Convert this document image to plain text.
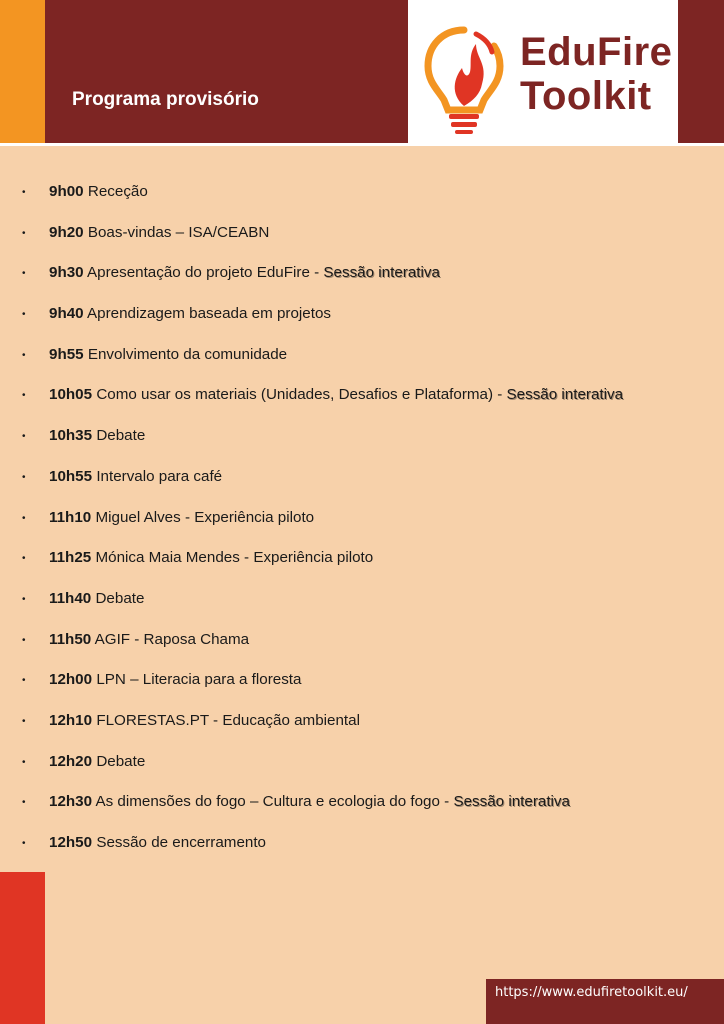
Programa provisório
EduFire
Toolkit
• 9h00 Receção
• 9h20 Boas-vindas – ISA/CEABN
• 9h30 Apresentação do projeto EduFire - Sessão interativa
• 9h40 Aprendizagem baseada em projetos
• 9h55 Envolvimento da comunidade
• 10h05 Como usar os materiais (Unidades, Desafios e Plataforma) - Sessão interativa
• 10h35 Debate
• 10h55 Intervalo para café
• 11h10 Miguel Alves - Experiência piloto
• 11h25 Mónica Maia Mendes - Experiência piloto
• 11h40 Debate
• 11h50 AGIF - Raposa Chama
• 12h00 LPN – Literacia para a floresta
• 12h10 FLORESTAS.PT - Educação ambiental
• 12h20 Debate
• 12h30 As dimensões do fogo – Cultura e ecologia do fogo - Sessão interativa
• 12h50 Sessão de encerramento
https://www.edufiretoolkit.eu/
